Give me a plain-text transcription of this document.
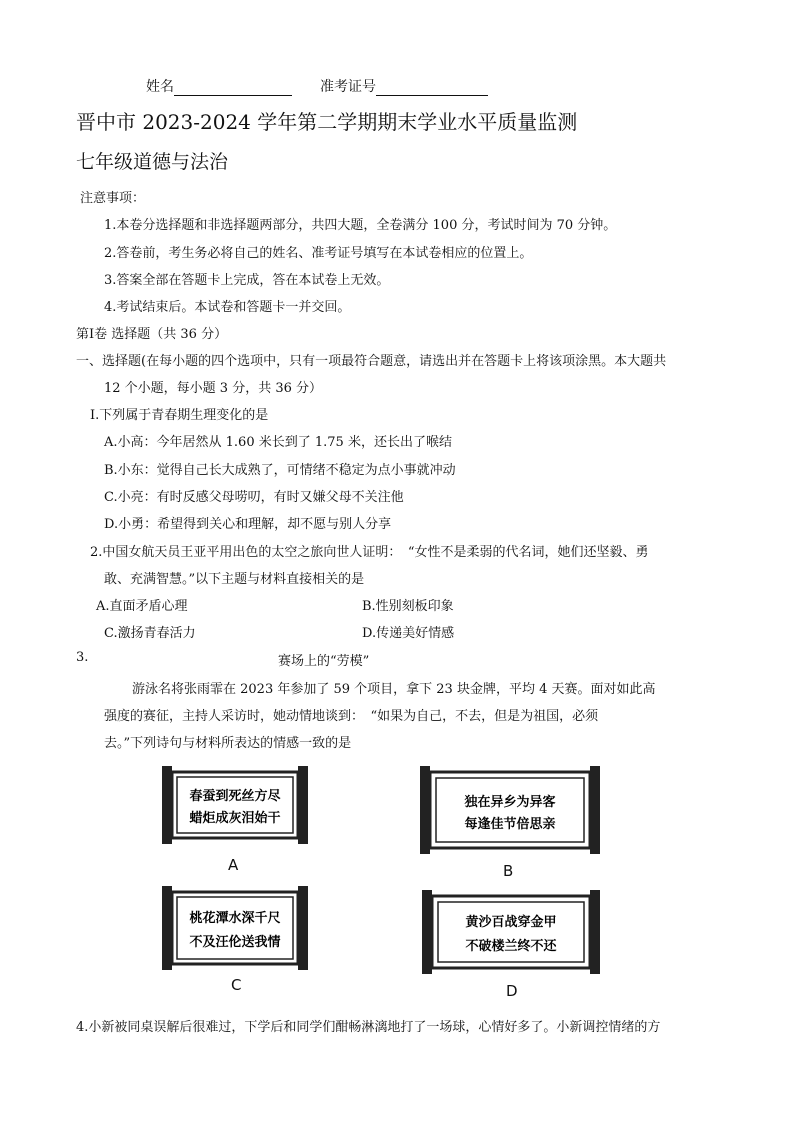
姓名	准考证号
晋中市 2023-2024 学年第二学期期末学业水平质量监测
七年级道德与法治
注意事项：
1.本卷分选择题和非选择题两部分，共四大题，全卷满分 100 分，考试时间为 70 分钟。
2.答卷前，考生务必将自己的姓名、准考证号填写在本试卷相应的位置上。
3.答案全部在答题卡上完成，答在本试卷上无效。
4.考试结束后。本试卷和答题卡一并交回。
第Ⅰ卷 选择题（共 36 分）
一、选择题(在每小题的四个选项中，只有一项最符合题意，请选出并在答题卡上将该项涂黑。本大题共
12 个小题，每小题 3 分，共 36 分）
I.下列属于青春期生理变化的是
A.小高：今年居然从 1.60 米长到了 1.75 米，还长出了喉结
B.小东：觉得自己长大成熟了，可情绪不稳定为点小事就冲动
C.小亮：有时反感父母唠叨，有时又嫌父母不关注他
D.小勇：希望得到关心和理解，却不愿与别人分享
2.中国女航天员王亚平用出色的太空之旅向世人证明：　“女性不是柔弱的代名词，她们还坚毅、勇
敢、充满智慧。”以下主题与材料直接相关的是
A.直面矛盾心理	B.性别刻板印象
C.激扬青春活力	D.传递美好情感
3.	赛场上的“劳模”
游泳名将张雨霏在 2023 年参加了 59 个项目，拿下 23 块金牌，平均 4 天赛。面对如此高
强度的赛征，主持人采访时，她动情地谈到：　“如果为自己，不去，但是为祖国，必须
去。”下列诗句与材料所表达的情感一致的是
春蚕到死丝方尽
蜡炬成灰泪始干
A
独在异乡为异客
每逢佳节倍思亲
B
桃花潭水深千尺
不及汪伦送我情
C
黄沙百战穿金甲
不破楼兰终不还
D
4.小新被同桌误解后很难过，下学后和同学们酣畅淋漓地打了一场球，心情好多了。小新调控情绪的方
